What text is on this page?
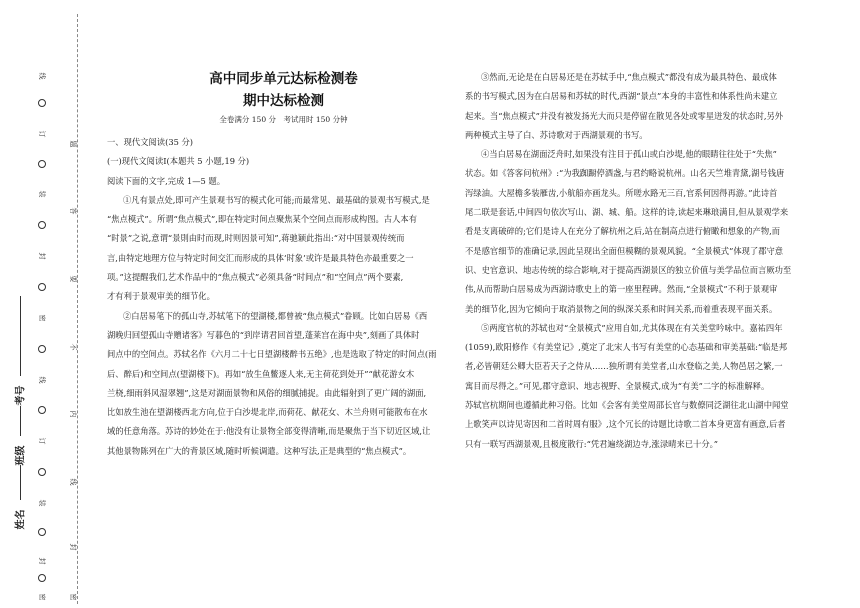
线
订
装
封
密
线
订
装
封
密
题
答
要
不
内
线
封
密
考号
班级
姓名
高中同步单元达标检测卷
期中达标检测
全卷满分 150 分　考试用时 150 分钟

一、现代文阅读(35 分)

(一)现代文阅读Ⅰ(本题共 5 小题,19 分)

阅读下面的文字,完成 1—5 题。

①凡有景点处,即可产生景观书写的模式化可能;而最常见、最基础的景观书写模式,是

“焦点模式”。所谓“焦点模式”,即在特定时间点聚焦某个空间点而形成构图。古人本有

“时景”之说,意谓“景則由时而现,时则因景可知”,蒋驰颖此指出:“对中国景观传统而

言,由特定地理方位与特定时间交汇而形成的具体‘时象’或许是最具特色亦最重要之一

项。”这提醒我们,艺术作品中的“焦点模式”必须具备“时间点”和“空间点”两个要素,

才有利于景观审美的细节化。

②白居易笔下的孤山寺,苏轼笔下的望湖楼,都曾被“焦点模式”眷顾。比如白居易《西

湖晚归回望孤山寺赠诸客》写暮色的“到岸请君回首望,蓬莱宫在海中央”,刻画了具体时

间点中的空间点。苏轼名作《六月二十七日望湖楼醉书五绝》,也是选取了特定的时间点(雨

后、醉后)和空间点(望湖楼下)。再如“放生鱼鳖逐人来,无主荷花到处开”“献花游女木

兰桡,细雨斜风湿翠翘”,这是对湖面景物和风俗的细腻捕捉。由此辐射到了更广阔的湖面,

比如放生池在望湖楼西北方向,位于白沙堤北岸,而荷花、献花女、木兰舟则可能散布在水

域的任意角落。苏诗的妙处在于:他没有让景物全部变得清晰,而是聚焦于当下切近区域,让

其他景物陈列在广大的背景区域,随时听候调遣。这种写法,正是典型的“焦点模式”。

③然而,无论是在白居易还是在苏轼手中,“焦点模式”都没有成为最具特色、最成体

系的书写模式,因为在白居易和苏轼的时代,西湖“景点”本身的丰富性和体系性尚未建立

起来。当“焦点模式”并没有被发扬光大而只是停留在散见各处或零星迸发的状态时,另外

两种模式主导了白、苏诗歌对于西湖景观的书写。

④当白居易在湖面泛舟时,如果没有注目于孤山或白沙堤,他的眼睛往往处于“失焦”

状态。如《答客问杭州》:“为我踟蹰停酒盏,与君约略说杭州。山名天竺堆青黛,湖号钱唐

泻绿油。大屋檐多装雁齿,小航船亦画龙头。所嗟水路无三百,官系何因得再游。”此诗首

尾二联是套话,中间四句依次写山、湖、城、船。这样的诗,读起来琳琅满目,但从景观学来

看是支离破碎的;它们是诗人在充分了解杭州之后,站在制高点进行俯瞰和想象的产物,而

不是感官细节的准确记录,因此呈现出全面但模糊的景观风貌。“全景模式”体现了郡守意

识、史官意识、地志传统的综合影响,对于提高西湖景区的独立价值与美学品位而言厥功至

伟,从而帮助白居易成为西湖诗歌史上的第一座里程碑。然而,“全景模式”不利于景观审

美的细节化,因为它倾向于取消景物之间的纵深关系和时间关系,而着重表现平面关系。

⑤两度官杭的苏轼也对“全景模式”应用自如,尤其体现在有关美堂吟咏中。嘉祐四年

(1059),欧阳修作《有美堂记》,奠定了北宋人书写有美堂的心态基础和审美基础:“临是邦

者,必皆朝廷公卿大臣若天子之侍从……独所谓有美堂者,山水登临之美,人物邑居之繁,一

寓目而尽得之。”可见,郡守意识、地志视野、全景模式,成为“有美”二字的标准解释。

苏轼官杭期间也遵循此种习俗。比如《会客有美堂周邵长官与数僚同泛湖往北山湖中闻堂

上歌笑声以诗见寄因和二首时周有服》,这个冗长的诗题比诗歌二首本身更富有画意,后者

只有一联写西湖景观,且极度散行:“凭君遍绕湖边寺,涨渌晴来已十分。”
